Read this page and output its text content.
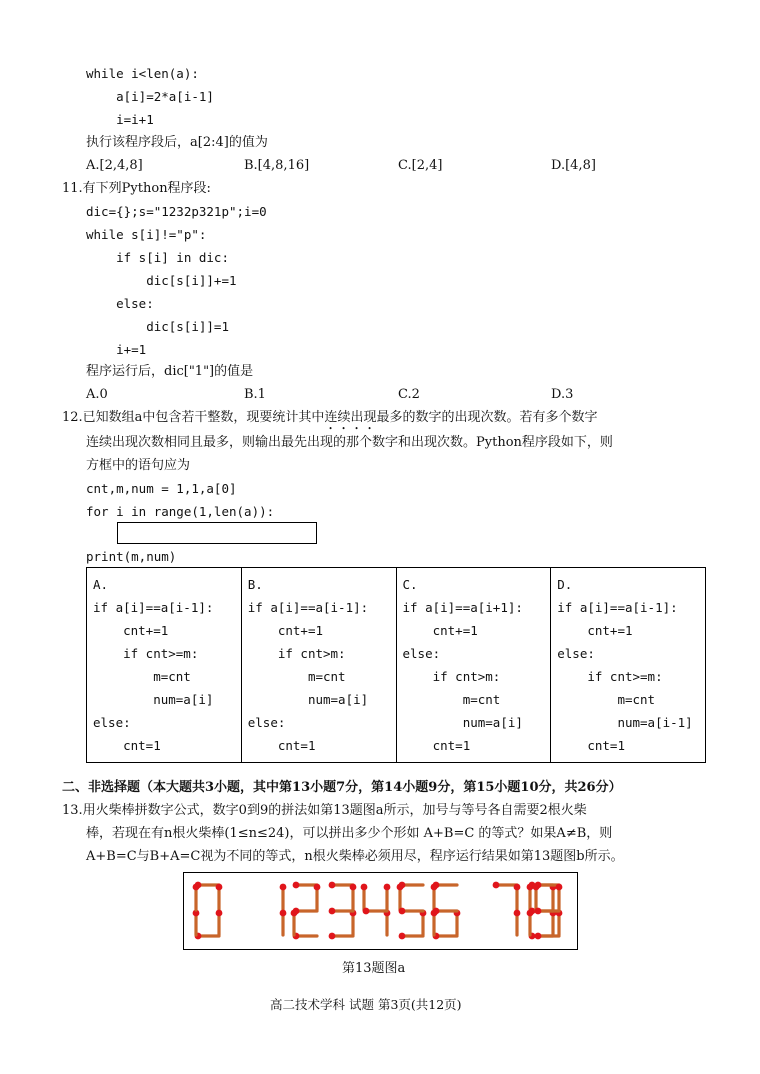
while i<len(a):
a[i]=2*a[i-1]
i=i+1
执行该程序段后，a[2:4]的值为
A.[2,4,8]	B.[4,8,16]	C.[2,4]	D.[4,8]
11.有下列Python程序段:
dic={};s="1232p321p";i=0
while s[i]!="p":
if s[i] in dic:
dic[s[i]]+=1
else:
dic[s[i]]=1
i+=1
程序运行后，dic["1"]的值是
A.0	B.1	C.2	D.3
12.已知数组a中包含若干整数，现要统计其中连续出现最多的数字的出现次数。若有多个数字
连续出现次数相同且最多，则输出最先出现的那个数字和出现次数。Python程序段如下，则
方框中的语句应为
cnt,m,num = 1,1,a[0]
for i in range(1,len(a)):
print(m,num)
A.
if a[i]==a[i-1]:
cnt+=1
if cnt>=m:
m=cnt
num=a[i]
else:
cnt=1

B.
if a[i]==a[i-1]:
cnt+=1
if cnt>m:
m=cnt
num=a[i]
else:
cnt=1

C.
if a[i]==a[i+1]:
cnt+=1
else:
if cnt>m:
m=cnt
num=a[i]
cnt=1

D.
if a[i]==a[i-1]:
cnt+=1
else:
if cnt>=m:
m=cnt
num=a[i-1]
cnt=1
二、非选择题（本大题共3小题，其中第13小题7分，第14小题9分，第15小题10分，共26分）
13.用火柴棒拼数字公式，数字0到9的拼法如第13题图a所示，加号与等号各自需要2根火柴
棒，若现在有n根火柴棒(1≤n≤24)，可以拼出多少个形如 A+B=C 的等式？如果A≠B，则
A+B=C与B+A=C视为不同的等式，n根火柴棒必须用尽，程序运行结果如第13题图b所示。
第13题图a
高二技术学科 试题 第3页(共12页)
